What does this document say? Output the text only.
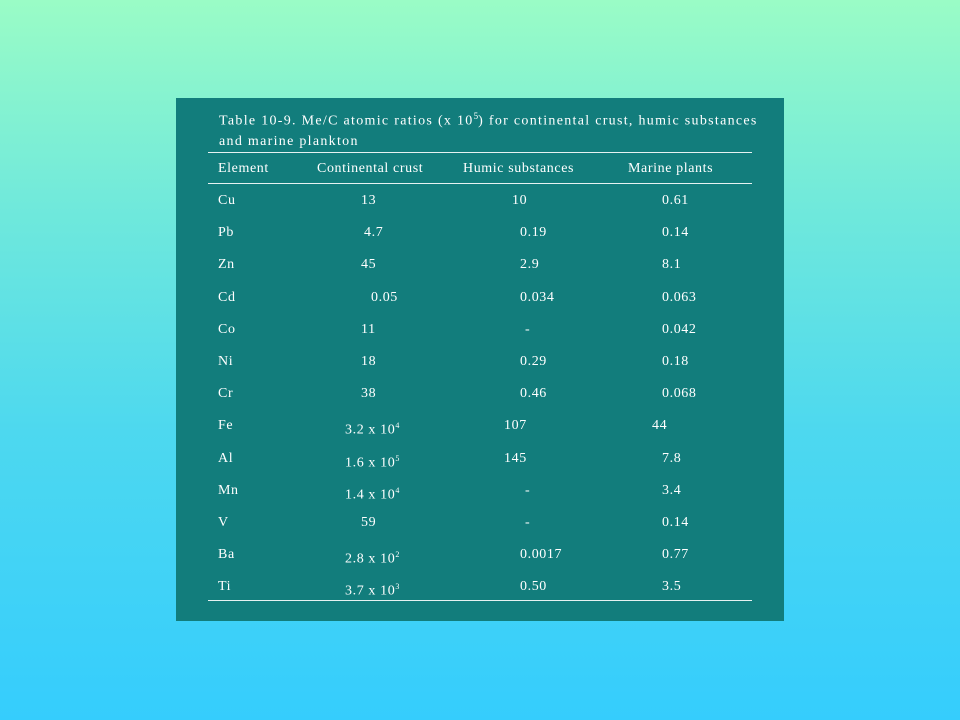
Table 10-9. Me/C atomic ratios (x $10^5$) for continental crust, humic substances and marine plankton
Element	Continental crust	Humic substances	Marine plants
Cu	13	10	0.61
Pb	4.7	0.19	0.14
Zn	45	2.9	8.1
Cd	0.05	0.034	0.063
Co	11	-	0.042
Ni	18	0.29	0.18
Cr	38	0.46	0.068
Fe	3.2 x $10^4$	107	44
Al	1.6 x $10^5$	145	7.8
Mn	1.4 x $10^4$	-	3.4
V	59	-	0.14
Ba	2.8 x $10^2$	0.0017	0.77
Ti	3.7 x $10^3$	0.50	3.5
